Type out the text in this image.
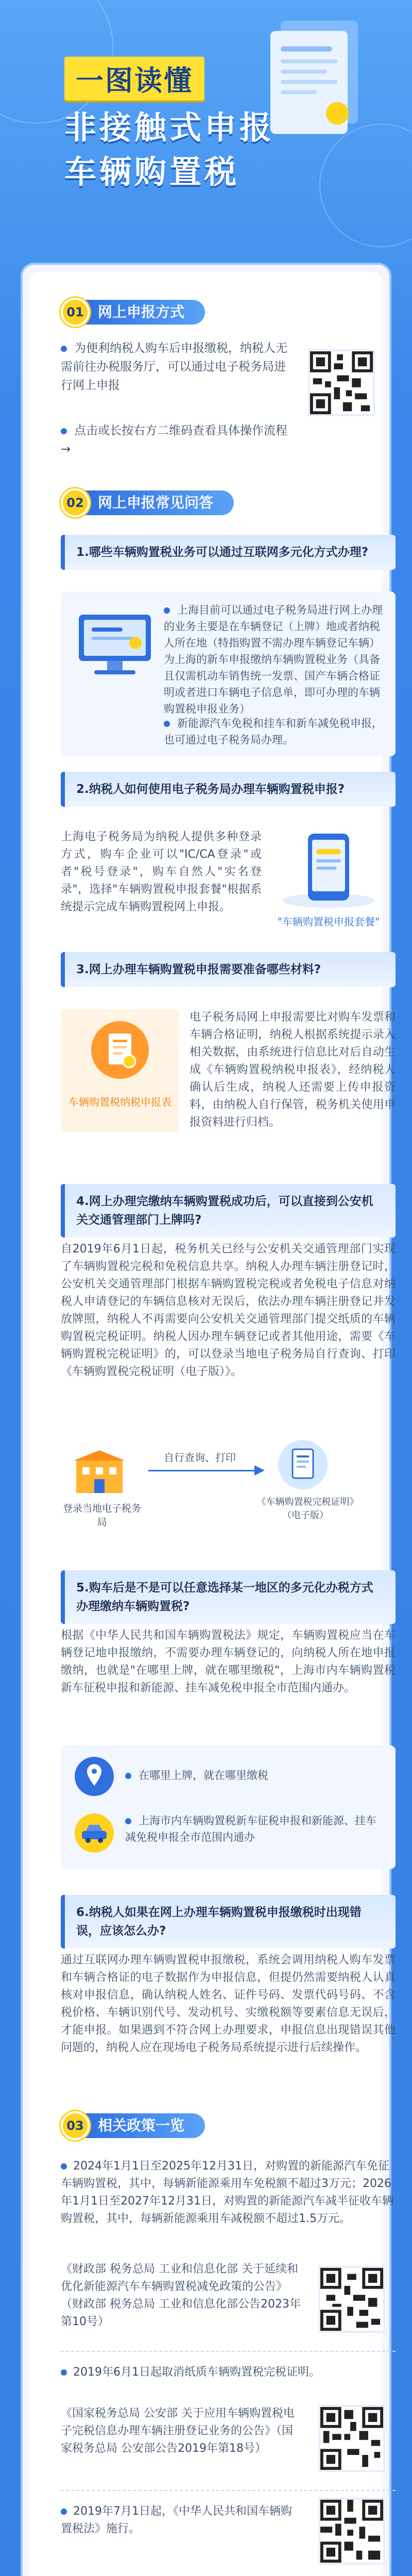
一图读懂
非接触式申报
车辆购置税
01 网上申报方式
为便利纳税人购车后申报缴税，纳税人无需前往办税服务厅，可以通过电子税务局进行网上申报
点击或长按右方二维码查看具体操作流程→
02 网上申报常见问答
1.哪些车辆购置税业务可以通过互联网多元化方式办理?
上海目前可以通过电子税务局进行网上办理的业务主要是在车辆登记（上牌）地或者纳税人所在地（特指购置不需办理车辆登记车辆）为上海的新车申报缴纳车辆购置税业务（具备且仅需机动车销售统一发票、国产车辆合格证明或者进口车辆电子信息单，即可办理的车辆购置税申报业务）
新能源汽车免税和挂车和新车减免税申报，也可通过电子税务局办理。
2.纳税人如何使用电子税务局办理车辆购置税申报?
上海电子税务局为纳税人提供多种登录方式，购车企业可以"IC/CA登录"或者"税号登录"，购车自然人"实名登录"，选择"车辆购置税申报套餐"根据系统提示完成车辆购置税网上申报。
"车辆购置税申报套餐"
3.网上办理车辆购置税申报需要准备哪些材料?
车辆购置税纳税申报表
电子税务局网上申报需要比对购车发票和车辆合格证明，纳税人根据系统提示录入相关数据，由系统进行信息比对后自动生成《车辆购置税纳税申报表》，经纳税人确认后生成，纳税人还需要上传申报资料，由纳税人自行保管，税务机关使用申报资料进行归档。
4.网上办理完缴纳车辆购置税成功后，可以直接到公安机关交通管理部门上牌吗?
自2019年6月1日起，税务机关已经与公安机关交通管理部门实现了车辆购置税完税和免税信息共享。纳税人办理车辆注册登记时，公安机关交通管理部门根据车辆购置税完税或者免税电子信息对纳税人申请登记的车辆信息核对无误后，依法办理车辆注册登记并发放牌照，纳税人不再需要向公安机关交通管理部门提交纸质的车辆购置税完税证明。纳税人因办理车辆登记或者其他用途，需要《车辆购置税完税证明》的，可以登录当地电子税务局自行查询、打印《车辆购置税完税证明（电子版）》。
登录当地电子税务局
自行查询、打印
《车辆购置税完税证明》（电子版）
5.购车后是不是可以任意选择某一地区的多元化办税方式办理缴纳车辆购置税?
根据《中华人民共和国车辆购置税法》规定，车辆购置税应当在车辆登记地申报缴纳，不需要办理车辆登记的，向纳税人所在地申报缴纳，也就是"在哪里上牌，就在哪里缴税"，上海市内车辆购置税新车征税申报和新能源、挂车减免税申报全市范围内通办。
在哪里上牌，就在哪里缴税
上海市内车辆购置税新车征税申报和新能源、挂车减免税申报全市范围内通办
6.纳税人如果在网上办理车辆购置税申报缴税时出现错误，应该怎么办?
通过互联网办理车辆购置税申报缴税，系统会调用纳税人购车发票和车辆合格证的电子数据作为申报信息，但提仍然需要纳税人认真核对申报信息，确认纳税人姓名、证件号码、发票代码号码、不含税价格、车辆识别代号、发动机号、实缴税额等要素信息无误后，才能申报。如果遇到不符合网上办理要求，申报信息出现错误其他问题的，纳税人应在现场电子税务局系统提示进行后续操作。
03 相关政策一览
2024年1月1日至2025年12月31日，对购置的新能源汽车免征车辆购置税，其中，每辆新能源乘用车免税额不超过3万元；2026年1月1日至2027年12月31日，对购置的新能源汽车减半征收车辆购置税，其中，每辆新能源乘用车减税额不超过1.5万元。
《财政部 税务总局 工业和信息化部 关于延续和优化新能源汽车车辆购置税减免政策的公告》（财政部 税务总局 工业和信息化部公告2023年第10号）
2019年6月1日起取消纸质车辆购置税完税证明。
《国家税务总局 公安部 关于应用车辆购置税电子完税信息办理车辆注册登记业务的公告》（国家税务总局 公安部公告2019年第18号）
2019年7月1日起，《中华人民共和国车辆购置税法》施行。
